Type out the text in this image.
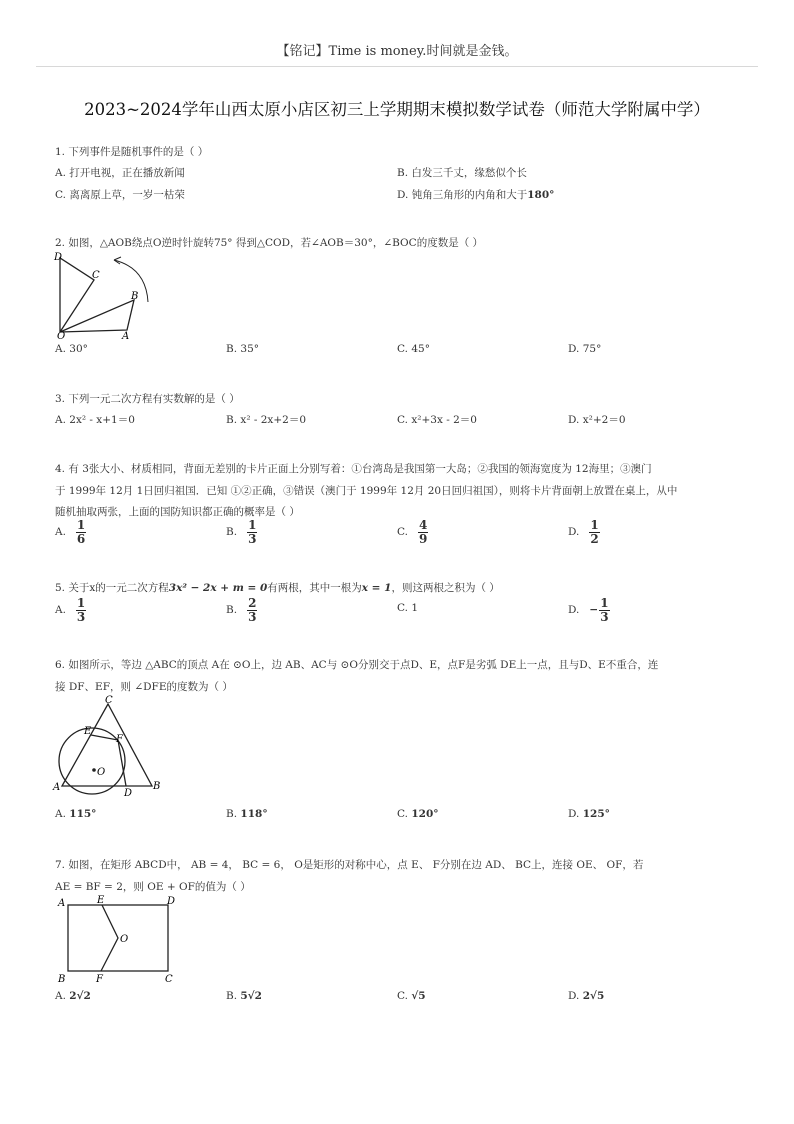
【铭记】Time is money.时间就是金钱。
2023~2024学年山西太原小店区初三上学期期末模拟数学试卷（师范大学附属中学）
1. 下列事件是随机事件的是（ ）
A. 打开电视，正在播放新闻	B. 白发三千丈，缘愁似个长
C. 离离原上草，一岁一枯荣	D. 钝角三角形的内角和大于180°
2. 如图，△AOB绕点O逆时针旋转75° 得到△COD，若∠AOB＝30°，∠BOC的度数是（ ）
D
C
B
O	A
A. 30°	B. 35°	C. 45°	D. 75°
3. 下列一元二次方程有实数解的是（ ）
A. 2x² - x+1＝0	B. x² - 2x+2＝0	C. x²+3x - 2＝0	D. x²+2＝0
4. 有 3张大小、材质相同，背面无差别的卡片正面上分别写着：①台湾岛是我国第一大岛；②我国的领海宽度为 12海里；③澳门
于 1999年 12月 1日回归祖国．已知 ①②正确，③错误（澳门于 1999年 12月 20日回归祖国），则将卡片背面朝上放置在桌上，从中
随机抽取两张，上面的国防知识都正确的概率是（ ）
A. $\frac{1}{6}$	B. $\frac{1}{3}$	C. $\frac{4}{9}$	D. $\frac{1}{2}$
5. 关于x的一元二次方程3x² − 2x + m = 0有两根，其中一根为x = 1，则这两根之积为（ ）
A. $\frac{1}{3}$	B. $\frac{2}{3}$	C. 1	D. − $\frac{1}{3}$
6. 如图所示，等边 △ABC的顶点 A在 ⊙O上，边 AB、AC与 ⊙O分别交于点D、E，点F是劣弧 DE上一点，且与D、E不重合，连
接 DF、EF，则 ∠DFE的度数为（ ）
C
E
F
O
A
D
B
A. 115°	B. 118°	C. 120°	D. 125°
7. 如图，在矩形 ABCD中， AB = 4， BC = 6， O是矩形的对称中心，点 E、 F分别在边 AD、 BC上，连接 OE、 OF，若
AE = BF = 2，则 OE + OF的值为（ ）
A	E	D
O
B	F	C
A. 2√2	B. 5√2	C. √5	D. 2√5
